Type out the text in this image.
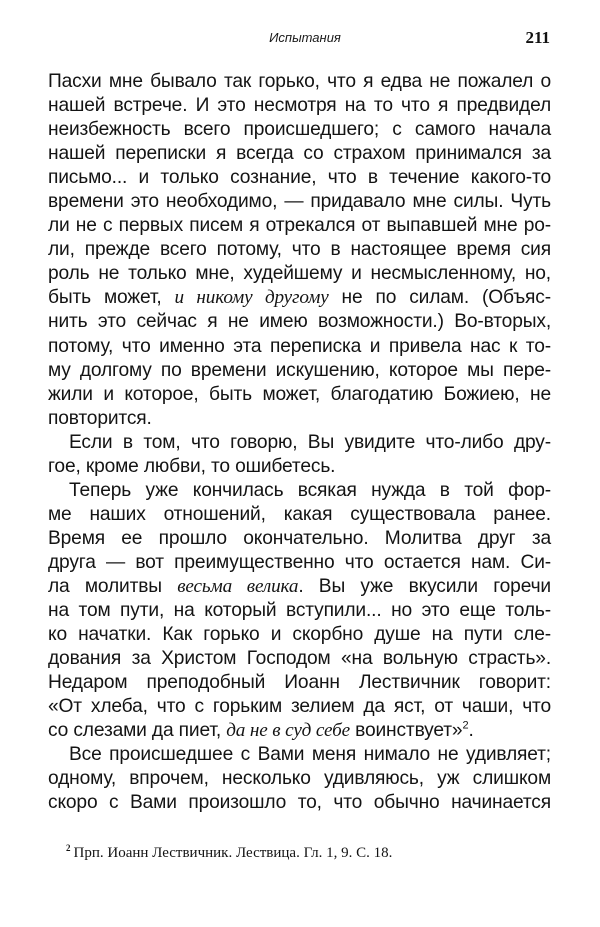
Испытания	211
Пасхи мне бывало так горько, что я едва не пожалел о
нашей встрече. И это несмотря на то что я предвидел
неизбежность всего происшедшего; с самого начала
нашей переписки я всегда со страхом принимался за
письмо... и только сознание, что в течение какого-то
времени это необходимо, — придавало мне силы. Чуть
ли не с первых писем я отрекался от выпавшей мне ро-
ли, прежде всего потому, что в настоящее время сия
роль не только мне, худейшему и несмысленному, но,
быть может, и никому другому не по силам. (Объяс-
нить это сейчас я не имею возможности.) Во-вторых,
потому, что именно эта переписка и привела нас к то-
му долгому по времени искушению, которое мы пере-
жили и которое, быть может, благодатию Божиею, не
повторится.
Если в том, что говорю, Вы увидите что-либо дру-
гое, кроме любви, то ошибетесь.
Теперь уже кончилась всякая нужда в той фор-
ме наших отношений, какая существовала ранее.
Время ее прошло окончательно. Молитва друг за
друга — вот преимущественно что остается нам. Си-
ла молитвы весьма велика. Вы уже вкусили горечи
на том пути, на который вступили... но это еще толь-
ко начатки. Как горько и скорбно душе на пути сле-
дования за Христом Господом «на вольную страсть».
Недаром преподобный Иоанн Лествичник говорит:
«От хлеба, что с горьким зелием да яст, от чаши, что
со слезами да пиет, да не в суд себе воинствует»$^2$.
Все происшедшее с Вами меня нимало не удивляет;
одному, впрочем, несколько удивляюсь, уж слишком
скоро с Вами произошло то, что обычно начинается
$^2$ Прп. Иоанн Лествичник. Лествица. Гл. 1, 9. С. 18.
